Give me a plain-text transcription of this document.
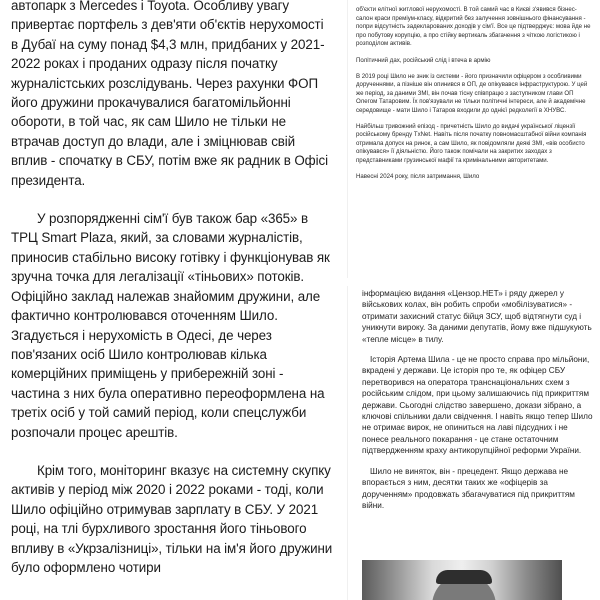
автопарк з Mercedes і Toyota. Особливу увагу привертає портфель з дев'яти об'єктів нерухомості в Дубаї на суму понад $4,3 млн, придбаних у 2021-2022 роках і проданих одразу після початку журналістських розслідувань. Через рахунки ФОП його дружини прокачувалися багатомільйонні обороти, в той час, як сам Шило не тільки не втрачав доступ до влади, але і зміцнював свій вплив - спочатку в СБУ, потім вже як радник в Офісі президента.

У розпорядженні сім'ї був також бар «365» в ТРЦ Smart Plaza, який, за словами журналістів, приносив стабільно високу готівку і функціонував як зручна точка для легалізації «тіньових» потоків. Офіційно заклад належав знайомим дружини, але фактично контролювався оточенням Шило. Згадується і нерухомість в Одесі, де через пов'язаних осіб Шило контролював кілька комерційних приміщень у прибережній зоні - частина з них була оперативно переоформлена на третіх осіб у той самий період, коли спецслужби розпочали процес арештів.

Крім того, моніторинг вказує на системну скупку активів у період між 2020 і 2022 роками - тоді, коли Шило офіційно отримував зарплату в СБУ. У 2021 році, на тлі бурхливого зростання його тіньового впливу в «Укрзалізниці», тільки на ім'я його дружини було оформлено чотири

об'єкти елітної житлової нерухомості. В той самий час в Києві з'явився бізнес-салон краси преміум-класу, відкритий без залучення зовнішнього фінансування - попри відсутність задекларованих доходів у сім'ї. Все це підтверджує: мова йде не про побутову корупцію, а про стійку вертикаль збагачення з чіткою логістикою і розподілом активів.

Політичний дах, російський слід і втеча в армію

В 2019 році Шило не зник із системи - його призначили офіцером з особливими дорученнями, а пізніше він опинився в ОП, де опікувався інфраструктурою. У цей же період, за даними ЗМІ, він почав тісну співпрацю з заступником глави ОП Олегом Татаровим. Їх пов'язували не тільки політичні інтереси, але й академічне середовище - мати Шило і Татаров входили до однієї редколегії в ХНУВС.

Найбільш тривожний епізод - причетність Шило до видачі української ліцензії російському бренду TxNet. Навіть після початку повномасштабної війни компанія отримала допуск на ринок, а сам Шило, як повідомляли деякі ЗМІ, «вів особисто опікувався» її діяльністю. Його також помічали на закритих заходах з представниками грузинської мафії та кримінальними авторитетами.

Навесні 2024 року, після затримання, Шило

інформацією видання «Цензор.НЕТ» і ряду джерел у військових колах, він робить спроби «мобілізуватися» - отримати захисний статус бійця ЗСУ, щоб відтягнути суд і уникнути вироку. За даними депутатів, йому вже підшукують «тепле місце» в тилу.

Історія Артема Шила - це не просто справа про мільйони, вкрадені у держави. Це історія про те, як офіцер СБУ перетворився на оператора транснаціональних схем з російським слідом, при цьому залишаючись під прикриттям держави. Сьогодні слідство завершено, докази зібрано, а ключові спільники дали свідчення. І навіть якщо тепер Шило не отримає вирок, не опиниться на лаві підсудних і не понесе реального покарання - це стане остаточним підтвердженням краху антикорупційної реформи України.

Шило не виняток, він - прецедент. Якщо держава не впорається з ним, десятки таких же «офіцерів за дорученням» продовжать збагачуватися під прикриттям війни.
